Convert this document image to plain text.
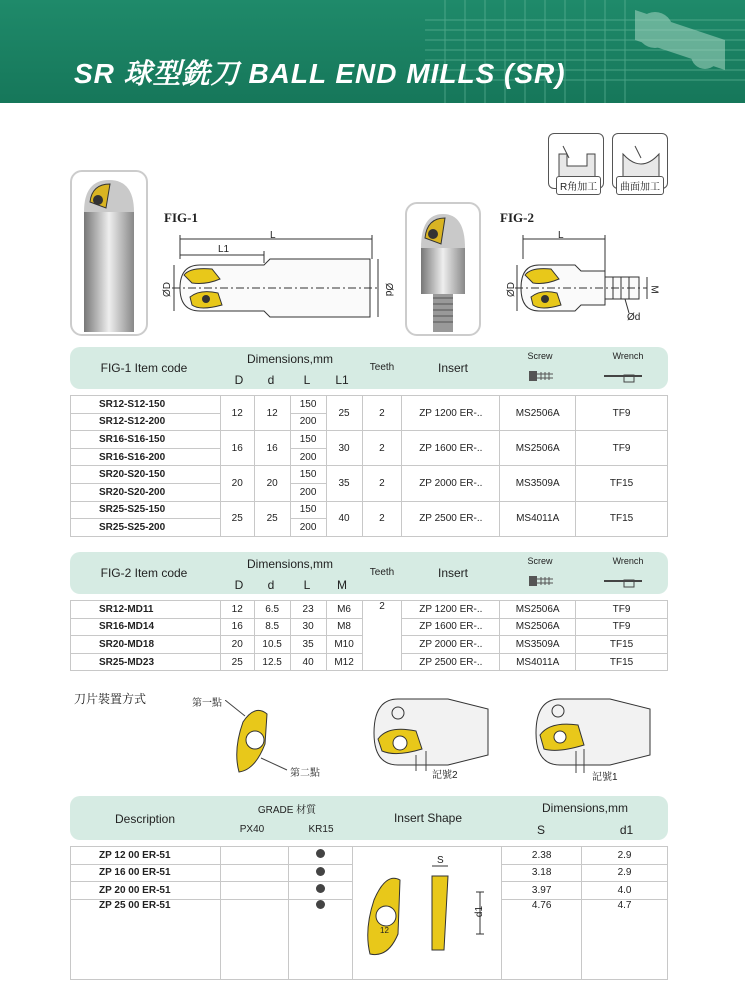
SR 球型銑刀 BALL END MILLS (SR)
R角加工	曲面加工
FIG-1
L
L1
ØD	Ød
FIG-2
L
ØD	M
Ød
FIG-1 Item code
Dimensions,mm
D	d	L	L1
Teeth	Insert
Screw	Wrench
SR12-S12-150	12	12	150	25	2	ZP 1200 ER-..	MS2506A	TF9
SR12-S12-200			200					
SR16-S16-150	16	16	150	30	2	ZP 1600 ER-..	MS2506A	TF9
SR16-S16-200			200					
SR20-S20-150	20	20	150	35	2	ZP 2000 ER-..	MS3509A	TF15
SR20-S20-200			200					
SR25-S25-150	25	25	150	40	2	ZP 2500 ER-..	MS4011A	TF15
SR25-S25-200			200					
FIG-2 Item code
Dimensions,mm
D	d	L	M
Teeth	Insert
Screw	Wrench
SR12-MD11	12	6.5	23	M6	2	ZP 1200 ER-..	MS2506A	TF9
SR16-MD14	16	8.5	30	M8		ZP 1600 ER-..	MS2506A	TF9
SR20-MD18	20	10.5	35	M10		ZP 2000 ER-..	MS3509A	TF15
SR25-MD23	25	12.5	40	M12		ZP 2500 ER-..	MS4011A	TF15
刀片裝置方式	第一點
第二點	記號2	記號1
Description
GRADE 材質
PX40	KR15
Insert Shape
Dimensions,mm
S	d1
ZP 12 00 ER-51				2.38	2.9
ZP 16 00 ER-51				3.18	2.9
ZP 20 00 ER-51				3.97	4.0
ZP 25 00 ER-51				4.76	4.7
S
d1
12
